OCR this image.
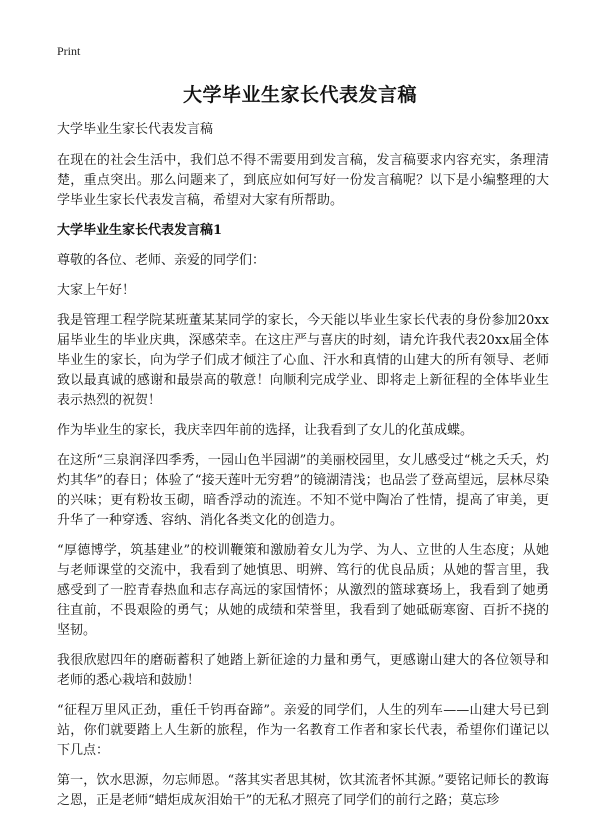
Print
大学毕业生家长代表发言稿

大学毕业生家长代表发言稿

在现在的社会生活中，我们总不得不需要用到发言稿，发言稿要求内容充实，条理清楚，重点突出。那么问题来了，到底应如何写好一份发言稿呢？以下是小编整理的大学毕业生家长代表发言稿，希望对大家有所帮助。

大学毕业生家长代表发言稿1

尊敬的各位、老师、亲爱的同学们：

大家上午好！

我是管理工程学院某班董某某同学的家长，今天能以毕业生家长代表的身份参加20xx届毕业生的毕业庆典，深感荣幸。在这庄严与喜庆的时刻，请允许我代表20xx届全体毕业生的家长，向为学子们成才倾注了心血、汗水和真情的山建大的所有领导、老师致以最真诚的感谢和最崇高的敬意！向顺利完成学业、即将走上新征程的全体毕业生表示热烈的祝贺！

作为毕业生的家长，我庆幸四年前的选择，让我看到了女儿的化茧成蝶。

在这所“三泉润泽四季秀，一园山色半园湖”的美丽校园里，女儿感受过“桃之夭夭，灼灼其华”的春日；体验了“接天莲叶无穷碧”的镜湖清浅；也品尝了登高望远，层林尽染的兴味；更有粉妆玉砌，暗香浮动的流连。不知不觉中陶冶了性情，提高了审美，更升华了一种穿透、容纳、消化各类文化的创造力。

“厚德博学，筑基建业”的校训鞭策和激励着女儿为学、为人、立世的人生态度；从她与老师课堂的交流中，我看到了她慎思、明辨、笃行的优良品质；从她的誓言里，我感受到了一腔青春热血和志存高远的家国情怀；从激烈的篮球赛场上，我看到了她勇往直前，不畏艰险的勇气；从她的成绩和荣誉里，我看到了她砥砺寒窗、百折不挠的坚韧。

我很欣慰四年的磨砺蓄积了她踏上新征途的力量和勇气，更感谢山建大的各位领导和老师的悉心栽培和鼓励！

“征程万里风正劲，重任千钧再奋蹄”。亲爱的同学们，人生的列车——山建大号已到站，你们就要踏上人生新的旅程，作为一名教育工作者和家长代表，希望你们谨记以下几点：

第一，饮水思源，勿忘师恩。“落其实者思其树，饮其流者怀其源。”要铭记师长的教诲之恩，正是老师“蜡炬成灰泪始干”的无私才照亮了同学们的前行之路；莫忘珍
